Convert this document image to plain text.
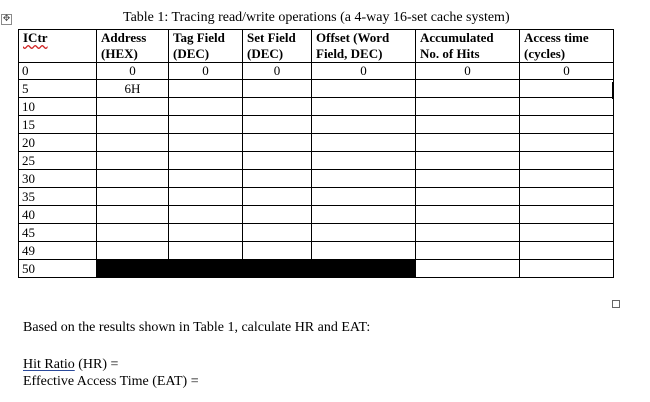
✥	Table 1: Tracing read/write operations (a 4-way 16-set cache system)
ICtr	Address (HEX)	Tag Field (DEC)	Set Field (DEC)	Offset (Word Field, DEC)	Accumulated No. of Hits	Access time (cycles)
0	0	0	0	0	0	0
5	6H					
10						
15						
20						
25						
30						
35						
40						
45						
49						
50						
Based on the results shown in Table 1, calculate HR and EAT:
Hit Ratio (HR) =
Effective Access Time (EAT) =
